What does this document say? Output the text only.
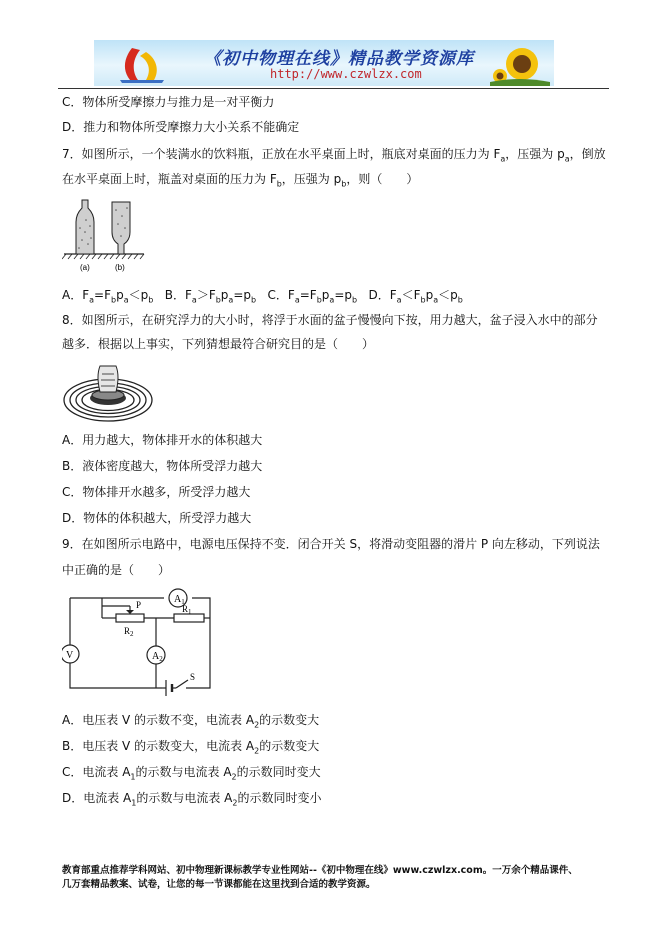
《初中物理在线》精品教学资源库
http://www.czwlzx.com
C．物体所受摩擦力与推力是一对平衡力
D．推力和物体所受摩擦力大小关系不能确定
7．如图所示，一个装满水的饮料瓶，正放在水平桌面上时，瓶底对桌面的压力为 $F_a$，压强为 $p_a$，倒放
在水平桌面上时，瓶盖对桌面的压力为 $F_b$，压强为 $p_b$，则（　　）
(a)	(b)
A．$F_a=F_bp_a<p_b$ B．$F_a>F_bp_a=p_b$ C．$F_a=F_bp_a=p_b$ D．$F_a<F_bp_a<p_b$
8．如图所示，在研究浮力的大小时，将浮于水面的盆子慢慢向下按，用力越大，盆子浸入水中的部分
越多．根据以上事实，下列猜想最符合研究目的是（　　）
A．用力越大，物体排开水的体积越大
B．液体密度越大，物体所受浮力越大
C．物体排开水越多，所受浮力越大
D．物体的体积越大，所受浮力越大
9．在如图所示电路中，电源电压保持不变．闭合开关 S，将滑动变阻器的滑片 P 向左移动，下列说法
中正确的是（　　）
$A_1$
$A_2$
V
P
$R_2$
$R_1$
S
A．电压表 V 的示数不变，电流表 $A_2$的示数变大
B．电压表 V 的示数变大，电流表 $A_2$的示数变大
C．电流表 $A_1$的示数与电流表 $A_2$的示数同时变大
D．电流表 $A_1$的示数与电流表 $A_2$的示数同时变小
教育部重点推荐学科网站、初中物理新课标教学专业性网站--《初中物理在线》www.czwlzx.com。一万余个精品课件、
几万套精品教案、试卷，让您的每一节课都能在这里找到合适的教学资源。
